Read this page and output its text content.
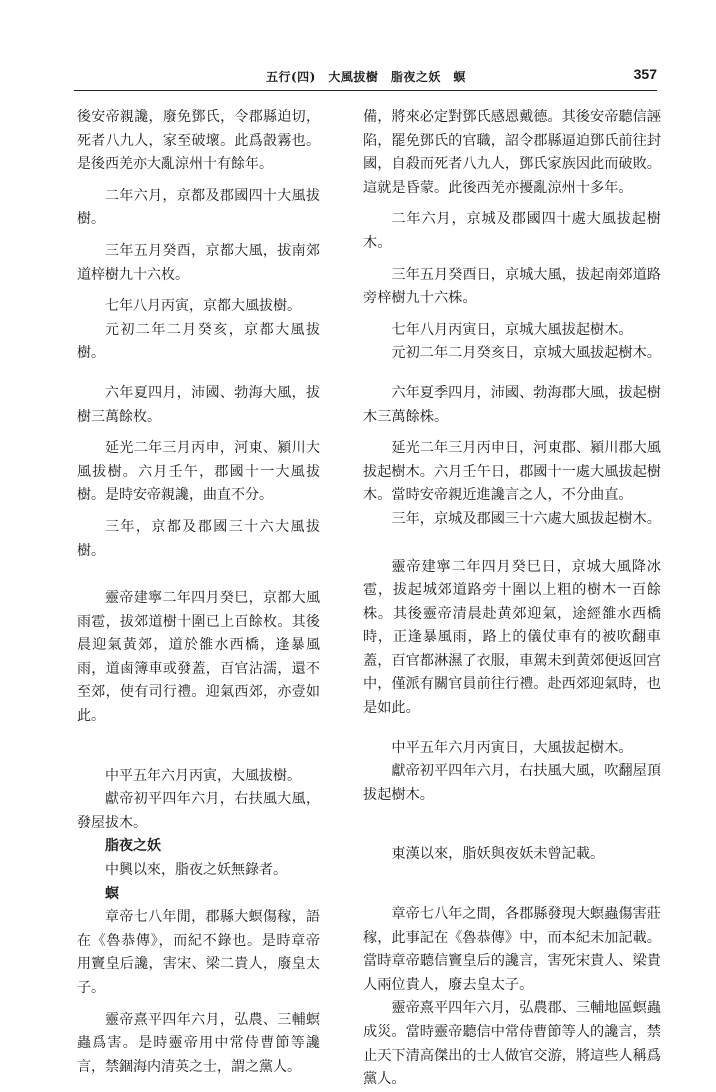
五行(四)　大風拔樹　脂夜之妖　螟	357

後安帝親讒，廢免鄧氏，令郡縣迫切，死者八九人，家至破壞。此爲​瞉霧也。是後西羌亦大亂涼州十有餘年。

二年六月，京都及郡國四十大風拔樹。

三年五月癸酉，京都大風，拔南郊道梓樹九十六枚。

七年八月丙寅，京都大風拔樹。

元初二年二月癸亥，京都大風拔樹。

六年夏四月，沛國、勃海大風，拔樹三萬餘枚。

延光二年三月丙申，河東、潁川大風拔樹。六月壬午，郡國十一大風拔樹。是時安帝親讒，曲直不分。

三年，京都及郡國三十六大風拔樹。

靈帝建寧二年四月癸巳，京都大風雨雹，拔郊道樹十圍已上百餘枚。其後晨迎氣黃郊，道於雒水西橋，逢暴風雨，道鹵簿車或發蓋，百官沾濡，還不至郊，使有司行禮。迎氣西郊，亦壹如此。

中平五年六月丙寅，大風拔樹。

獻帝初平四年六月，右扶風大風，發屋拔木。

脂夜之妖

中興以來，脂夜之妖無錄者。

螟

章帝七八年閒，郡縣大螟傷稼，語在《魯恭傳》，而紀不錄也。是時章帝用竇皇后讒，害宋、梁二貴人，廢皇太子。

靈帝熹平四年六月，弘農、三輔螟蟲爲害。是時靈帝用中常侍曹節等讒言，禁錮海内清英之士，謂之黨人。

備，將來必定對鄧氏感恩戴德。其後安帝聽信誣陷，罷免鄧氏的官職，詔令郡縣逼迫鄧氏前往封國，自殺而死者八九人，鄧氏家族因此而破敗。這就是昏蒙。此後西羌亦擾亂涼州十多年。

二年六月，京城及郡國四十處大風拔起樹木。

三年五月癸酉日，京城大風，拔起南郊道路旁梓樹九十六株。

七年八月丙寅日，京城大風拔起樹木。

元初二年二月癸亥日，京城大風拔起樹木。

六年夏季四月，沛國、勃海郡大風，拔起樹木三萬餘株。

延光二年三月丙申日，河東郡、潁川郡大風拔起樹木。六月壬午日，郡國十一處大風拔起樹木。當時安帝親近進讒言之人，不分曲直。

三年，京城及郡國三十六處大風拔起樹木。

靈帝建寧二年四月癸巳日，京城大風降冰雹，拔起城郊道路旁十圍以上粗的樹木一百餘株。其後靈帝清晨赴黄郊迎氣，途經雒水西橋時，正逢暴風雨，路上的儀仗車有的被吹翻車蓋，百官都淋濕了衣服，車駕未到黄郊便返回宫中，僅派有關官員前往行禮。赴西郊迎氣時，也是如此。

中平五年六月丙寅日，大風拔起樹木。

獻帝初平四年六月，右扶風大風，吹翻屋頂拔起樹木。

東漢以來，脂妖與夜妖未曾記載。

章帝七八年之間，各郡縣發現大螟蟲傷害莊稼，此事記在《魯恭傳》中，而本紀未加記載。當時章帝聽信竇皇后的讒言，害死宋貴人、梁貴人兩位貴人，廢去皇太子。

靈帝熹平四年六月，弘農郡、三輔地區螟蟲成災。當時靈帝聽信中常侍曹節等人的讒言，禁止天下清高傑出的士人做官交游，將這些人稱爲黨人。
